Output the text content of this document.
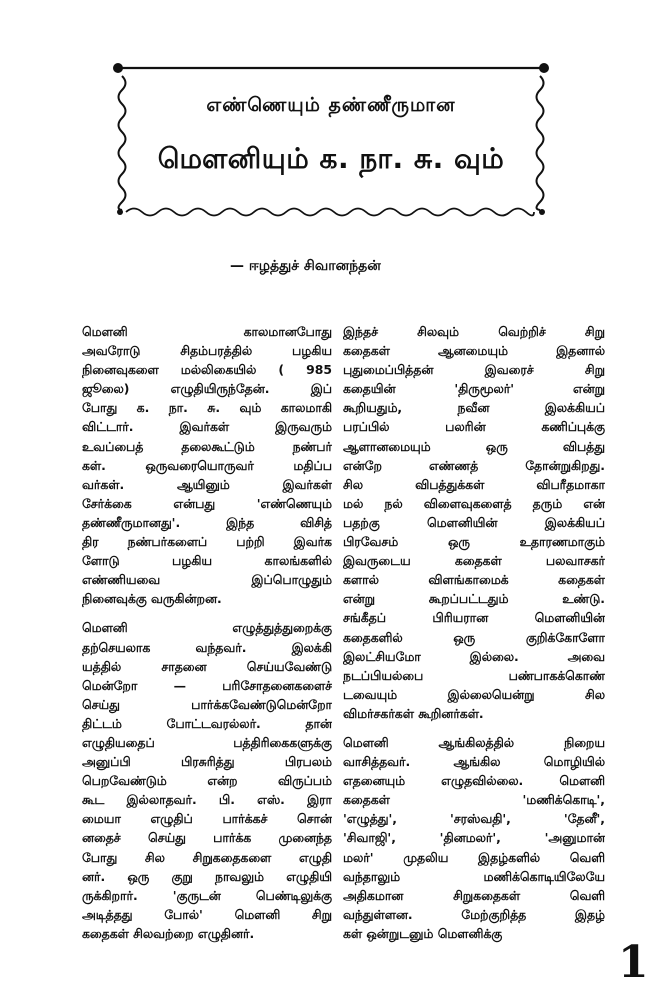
எண்ணெயும் தண்ணீருமான
மௌனியும் க. நா. சு. வும்
— ஈழத்துச் சிவானந்தன்
மௌனி காலமானபோது
அவரோடு சிதம்பரத்தில் பழகிய
நினைவுகளை மல்லிகையில் ( 985
ஜூலை) எழுதியிருந்தேன். இப்
போது க. நா. சு. வும் காலமாகி
விட்டார். இவர்கள் இருவரும்
உவப்பைத் தலைகூட்டும் நண்பர்
கள். ஒருவரையொருவர் மதிப்ப
வர்கள். ஆயினும் இவர்கள்
சேர்க்கை என்பது 'எண்ணெயும்
தண்ணீருமானது'. இந்த விசித்
திர நண்பர்களைப் பற்றி இவர்க
ளோடு பழகிய காலங்களில்
எண்ணியவை இப்பொழுதும்
நினைவுக்கு வருகின்றன.
மௌனி எழுத்துத்துறைக்கு
தற்செயலாக வந்தவர். இலக்கி
யத்தில் சாதனை செய்யவேண்டு
மென்றோ — பரிசோதனைகளைச்
செய்து பார்க்கவேண்டுமென்றோ
திட்டம் போட்டவரல்லர். தான்
எழுதியதைப் பத்திரிகைகளுக்கு
அனுப்பி பிரசுரித்து பிரபலம்
பெறவேண்டும் என்ற விருப்பம்
கூட இல்லாதவர். பி. எஸ். இரா
மையா எழுதிப் பார்க்கச் சொன்
னதைச் செய்து பார்க்க முனைந்த
போது சில சிறுகதைகளை எழுதி
னர். ஒரு குறு நாவலும் எழுதியி
ருக்கிறார். 'குருடன் பெண்டிலுக்கு
அடித்தது போல்' மௌனி சிறு
கதைகள் சிலவற்றை எழுதினர்.
இந்தச் சிலவும் வெற்றிச் சிறு
கதைகள் ஆனமையும் இதனால்
புதுமைப்பித்தன் இவரைச் சிறு
கதையின் 'திருமூலர்' என்று
கூறியதும், நவீன இலக்கியப்
பரப்பில் பலரின் கணிப்புக்கு
ஆளானமையும் ஒரு விபத்து
என்றே எண்ணத் தோன்றுகிறது.
சில விபத்துக்கள் விபரீதமாகா
மல் நல் விளைவுகளைத் தரும் என்
பதற்கு மௌனியின் இலக்கியப்
பிரவேசம் ஒரு உதாரணமாகும்
இவருடைய கதைகள் பலவாசகர்
களால் விளங்காமைக் கதைகள்
என்று கூறப்பட்டதும் உண்டு.
சங்கீதப் பிரியரான மௌனியின்
கதைகளில் ஒரு குறிக்கோளோ
இலட்சியமோ இல்லை. அவை
நடப்பியல்பை பண்பாகக்கொண்
டவையும் இல்லையென்று சில
விமர்சகர்கள் கூறினர்கள்.
மௌனி ஆங்கிலத்தில் நிறைய
வாசித்தவர். ஆங்கில மொழியில்
எதனையும் எழுதவில்லை. மௌனி
கதைகள் 'மணிக்கொடி',
'எழுத்து', 'சரஸ்வதி', 'தேனீ',
'சிவாஜி', 'தினமலர்', 'அனுமான்
மலர்' முதலிய இதழ்களில் வெளி
வந்தாலும் மணிக்கொடியிலேயே
அதிகமான சிறுகதைகள் வெளி
வந்துள்ளன. மேற்குறித்த இதழ்
கள் ஒன்றுடனும் மௌனிக்கு
1
